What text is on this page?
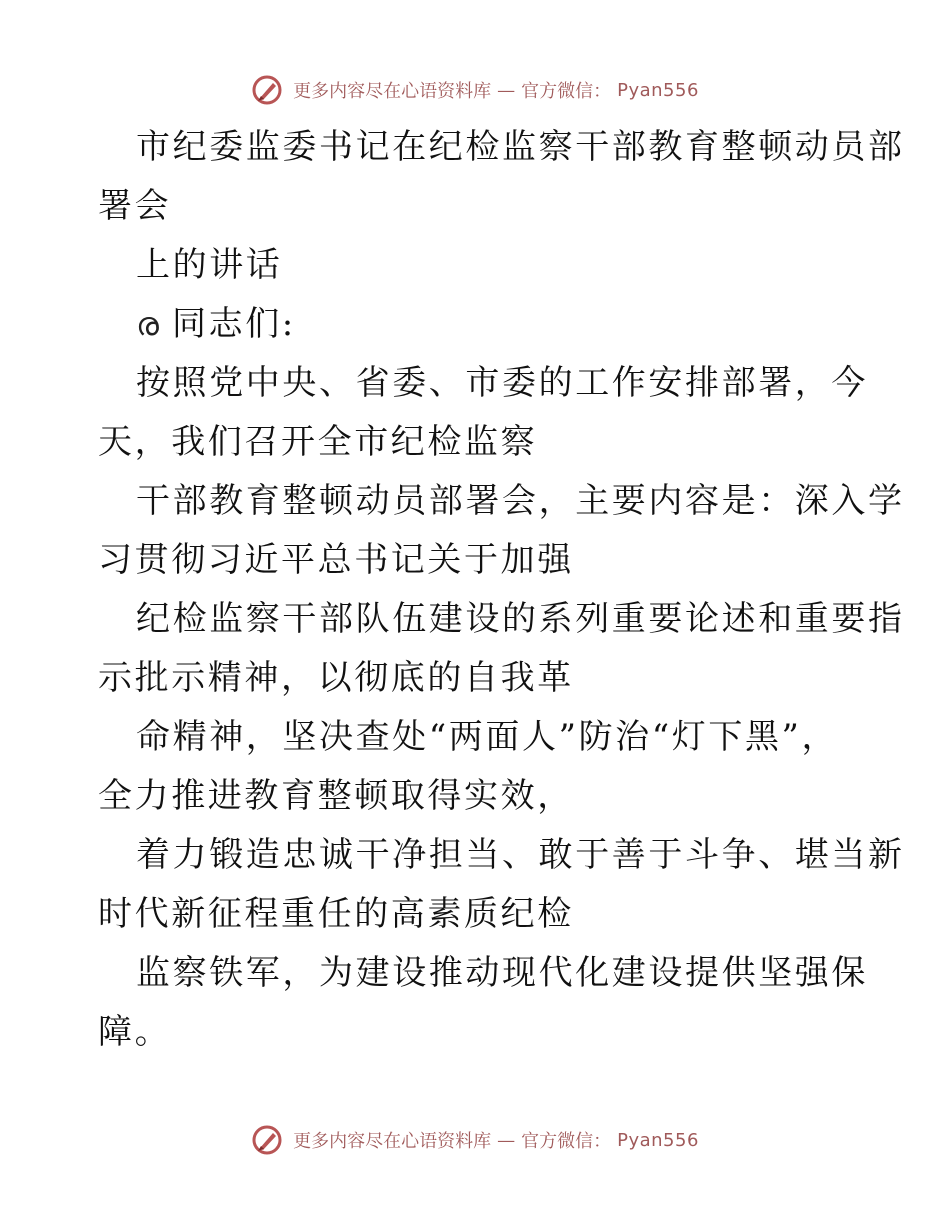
更多内容尽在心语资料库 — 官方微信： Pyan556
市纪委监委书记在纪检监察干部教育整顿动员部
署会
上的讲话
ര 同志们:
按照党中央、省委、市委的工作安排部署，今
天，我们召开全市纪检监察
干部教育整顿动员部署会，主要内容是：深入学
习贯彻习近平总书记关于加强
纪检监察干部队伍建设的系列重要论述和重要指
示批示精神，以彻底的自我革
命精神，坚决查处“两面人”防治“灯下黑”，
全力推进教育整顿取得实效，
着力锻造忠诚干净担当、敢于善于斗争、堪当新
时代新征程重任的高素质纪检
监察铁军，为建设推动现代化建设提供坚强保
障。
更多内容尽在心语资料库 — 官方微信： Pyan556
